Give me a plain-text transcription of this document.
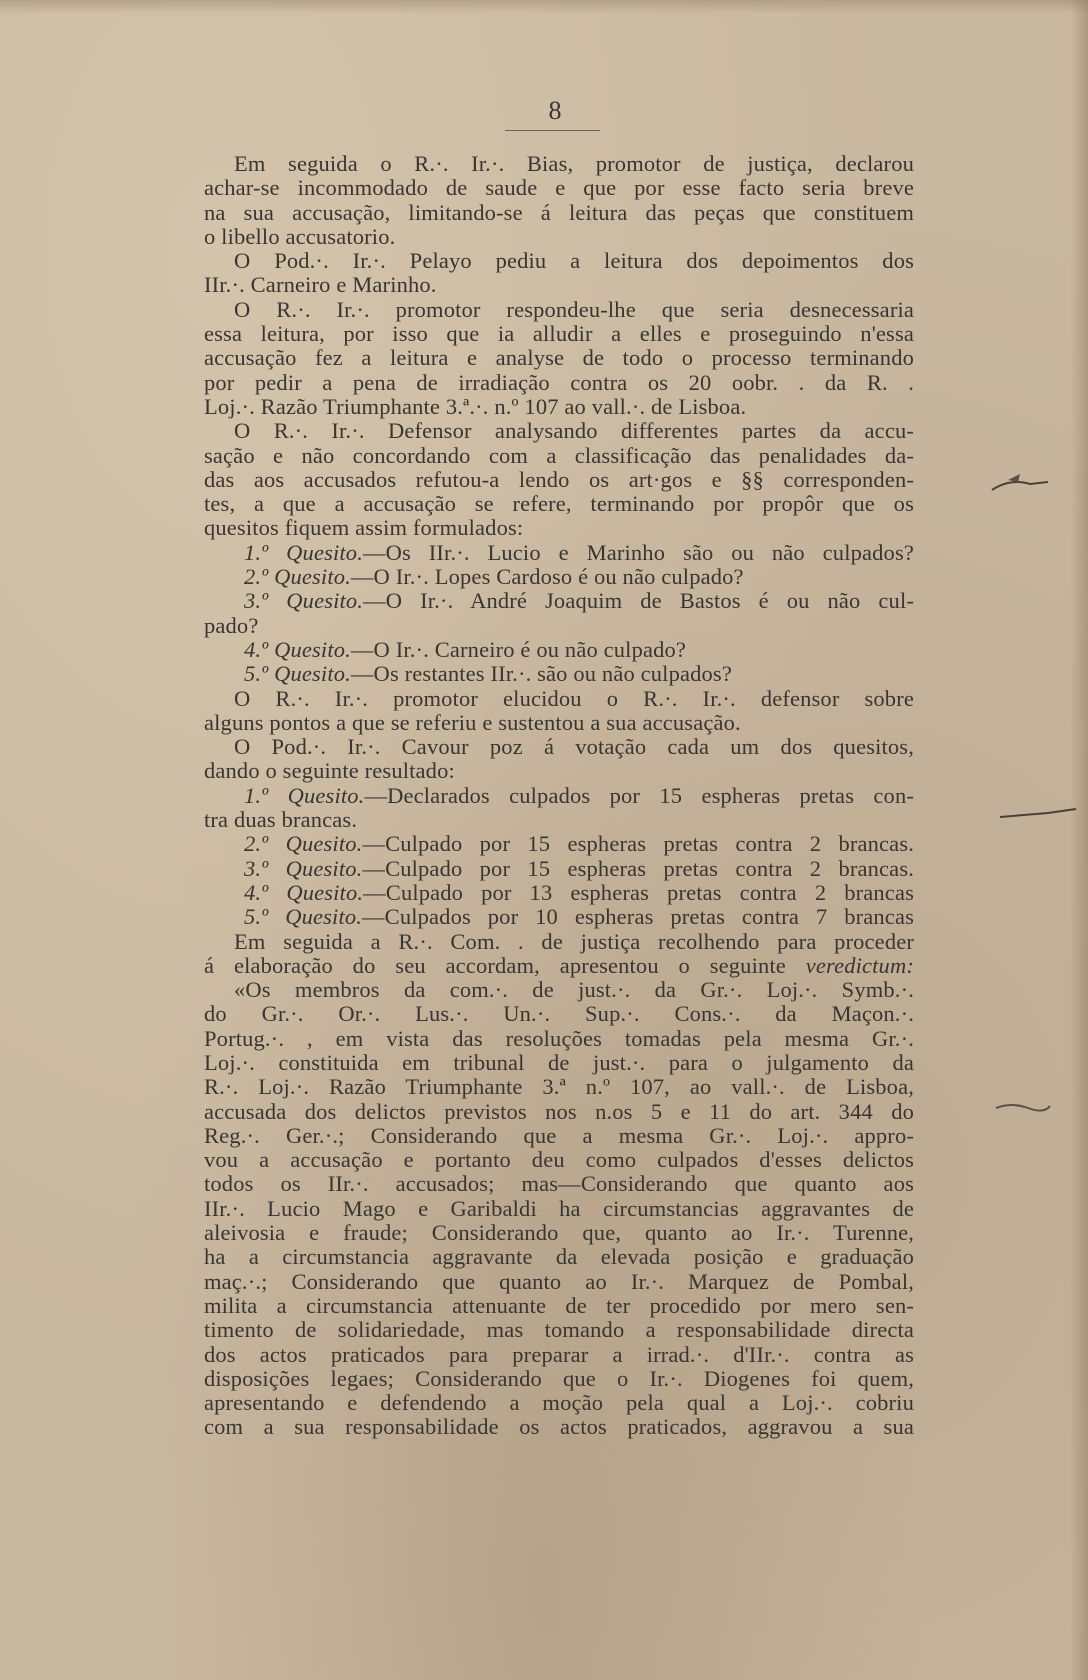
8
Em seguida o R.·. Ir.·. Bias, promotor de justiça, declarou
achar-se incommodado de saude e que por esse facto seria breve
na sua accusação, limitando-se á leitura das peças que constituem
o libello accusatorio.
O Pod.·. Ir.·. Pelayo pediu a leitura dos depoimentos dos
IIr.·. Carneiro e Marinho.
O R.·. Ir.·. promotor respondeu-lhe que seria desnecessaria
essa leitura, por isso que ia alludir a elles e proseguindo n'essa
accusação fez a leitura e analyse de todo o processo terminando
por pedir a pena de irradiação contra os 20 oobr. . da R. .
Loj.·. Razão Triumphante 3.ª.·. n.º 107 ao vall.·. de Lisboa.
O R.·. Ir.·. Defensor analysando differentes partes da accu-
sação e não concordando com a classificação das penalidades da-
das aos accusados refutou-a lendo os art·gos e §§ corresponden-
tes, a que a accusação se refere, terminando por propôr que os
quesitos fiquem assim formulados:
1.º Quesito.—Os IIr.·. Lucio e Marinho são ou não culpados?
2.º Quesito.—O Ir.·. Lopes Cardoso é ou não culpado?
3.º Quesito.—O Ir.·. André Joaquim de Bastos é ou não cul-
pado?
4.º Quesito.—O Ir.·. Carneiro é ou não culpado?
5.º Quesito.—Os restantes IIr.·. são ou não culpados?
O R.·. Ir.·. promotor elucidou o R.·. Ir.·. defensor sobre
alguns pontos a que se referiu e sustentou a sua accusação.
O Pod.·. Ir.·. Cavour poz á votação cada um dos quesitos,
dando o seguinte resultado:
1.º Quesito.—Declarados culpados por 15 espheras pretas con-
tra duas brancas.
2.º Quesito.—Culpado por 15 espheras pretas contra 2 brancas.
3.º Quesito.—Culpado por 15 espheras pretas contra 2 brancas.
4.º Quesito.—Culpado por 13 espheras pretas contra 2 brancas
5.º Quesito.—Culpados por 10 espheras pretas contra 7 brancas
Em seguida a R.·. Com. . de justiça recolhendo para proceder
á elaboração do seu accordam, apresentou o seguinte veredictum:
«Os membros da com.·. de just.·. da Gr.·. Loj.·. Symb.·.
do Gr.·. Or.·. Lus.·. Un.·. Sup.·. Cons.·. da Maçon.·.
Portug.·. , em vista das resoluções tomadas pela mesma Gr.·.
Loj.·. constituida em tribunal de just.·. para o julgamento da
R.·. Loj.·. Razão Triumphante 3.ª n.º 107, ao vall.·. de Lisboa,
accusada dos delictos previstos nos n.os 5 e 11 do art. 344 do
Reg.·. Ger.·.; Considerando que a mesma Gr.·. Loj.·. appro-
vou a accusação e portanto deu como culpados d'esses delictos
todos os IIr.·. accusados; mas—Considerando que quanto aos
IIr.·. Lucio Mago e Garibaldi ha circumstancias aggravantes de
aleivosia e fraude; Considerando que, quanto ao Ir.·. Turenne,
ha a circumstancia aggravante da elevada posição e graduação
maç.·.; Considerando que quanto ao Ir.·. Marquez de Pombal,
milita a circumstancia attenuante de ter procedido por mero sen-
timento de solidariedade, mas tomando a responsabilidade directa
dos actos praticados para preparar a irrad.·. d'IIr.·. contra as
disposições legaes; Considerando que o Ir.·. Diogenes foi quem,
apresentando e defendendo a moção pela qual a Loj.·. cobriu
com a sua responsabilidade os actos praticados, aggravou a sua
